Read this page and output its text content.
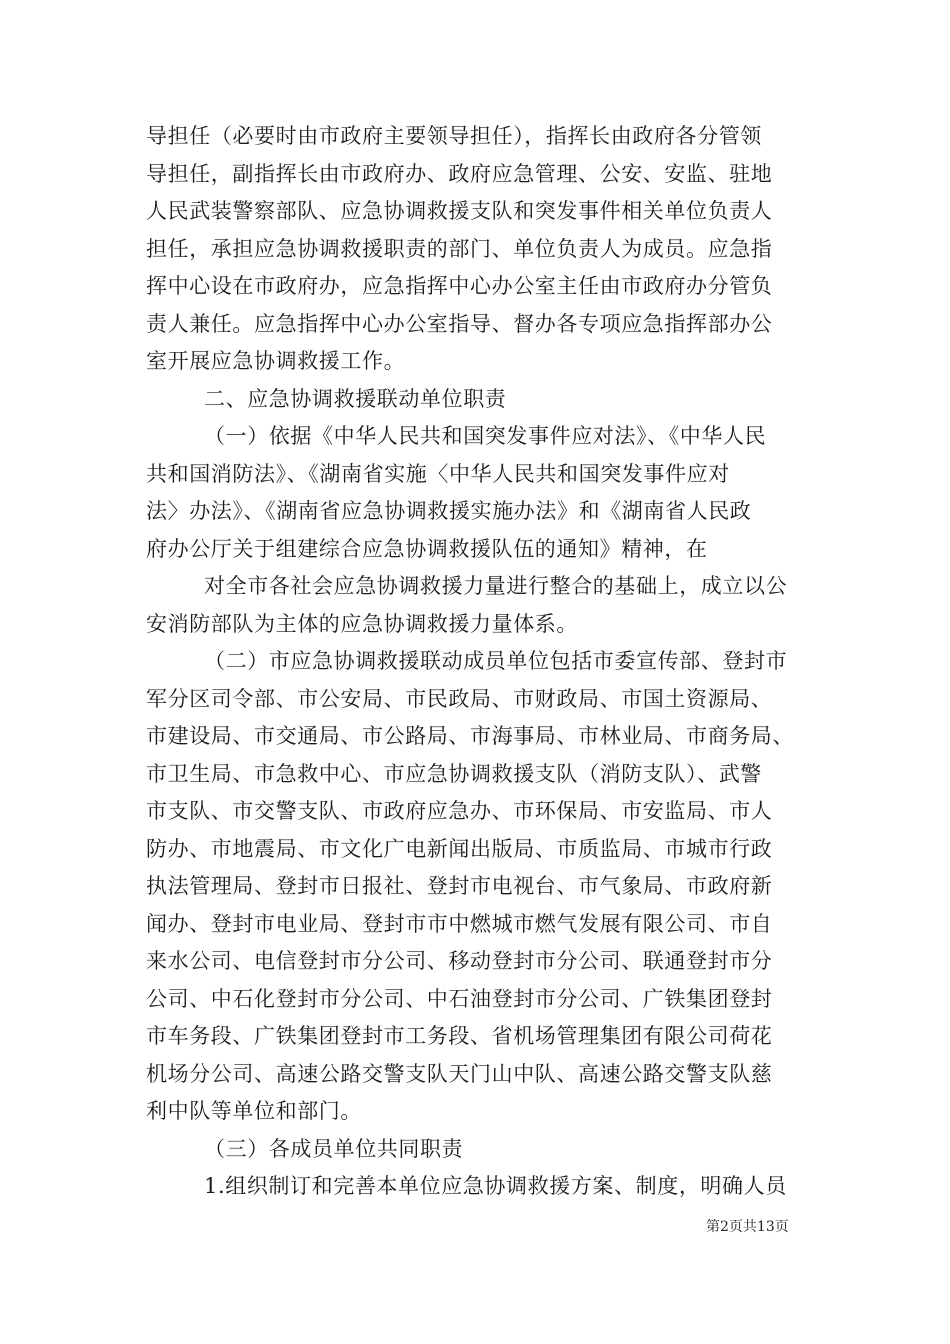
导担任（必要时由市政府主要领导担任），指挥长由政府各分管领
导担任，副指挥长由市政府办、政府应急管理、公安、安监、驻地
人民武装警察部队、应急协调救援支队和突发事件相关单位负责人
担任，承担应急协调救援职责的部门、单位负责人为成员。应急指
挥中心设在市政府办，应急指挥中心办公室主任由市政府办分管负
责人兼任。应急指挥中心办公室指导、督办各专项应急指挥部办公
室开展应急协调救援工作。

二、应急协调救援联动单位职责

（一）依据《中华人民共和国突发事件应对法》、《中华人民
共和国消防法》、《湖南省实施〈中华人民共和国突发事件应对
法〉办法》、《湖南省应急协调救援实施办法》和《湖南省人民政
府办公厅关于组建综合应急协调救援队伍的通知》精神，在

对全市各社会应急协调救援力量进行整合的基础上，成立以公
安消防部队为主体的应急协调救援力量体系。

（二）市应急协调救援联动成员单位包括市委宣传部、登封市
军分区司令部、市公安局、市民政局、市财政局、市国土资源局、
市建设局、市交通局、市公路局、市海事局、市林业局、市商务局、
市卫生局、市急救中心、市应急协调救援支队（消防支队）、武警
市支队、市交警支队、市政府应急办、市环保局、市安监局、市人
防办、市地震局、市文化广电新闻出版局、市质监局、市城市行政
执法管理局、登封市日报社、登封市电视台、市气象局、市政府新
闻办、登封市电业局、登封市市中燃城市燃气发展有限公司、市自
来水公司、电信登封市分公司、移动登封市分公司、联通登封市分
公司、中石化登封市分公司、中石油登封市分公司、广铁集团登封
市车务段、广铁集团登封市工务段、省机场管理集团有限公司荷花
机场分公司、高速公路交警支队天门山中队、高速公路交警支队慈
利中队等单位和部门。

（三）各成员单位共同职责

1.组织制订和完善本单位应急协调救援方案、制度，明确人员

第2页共13页
